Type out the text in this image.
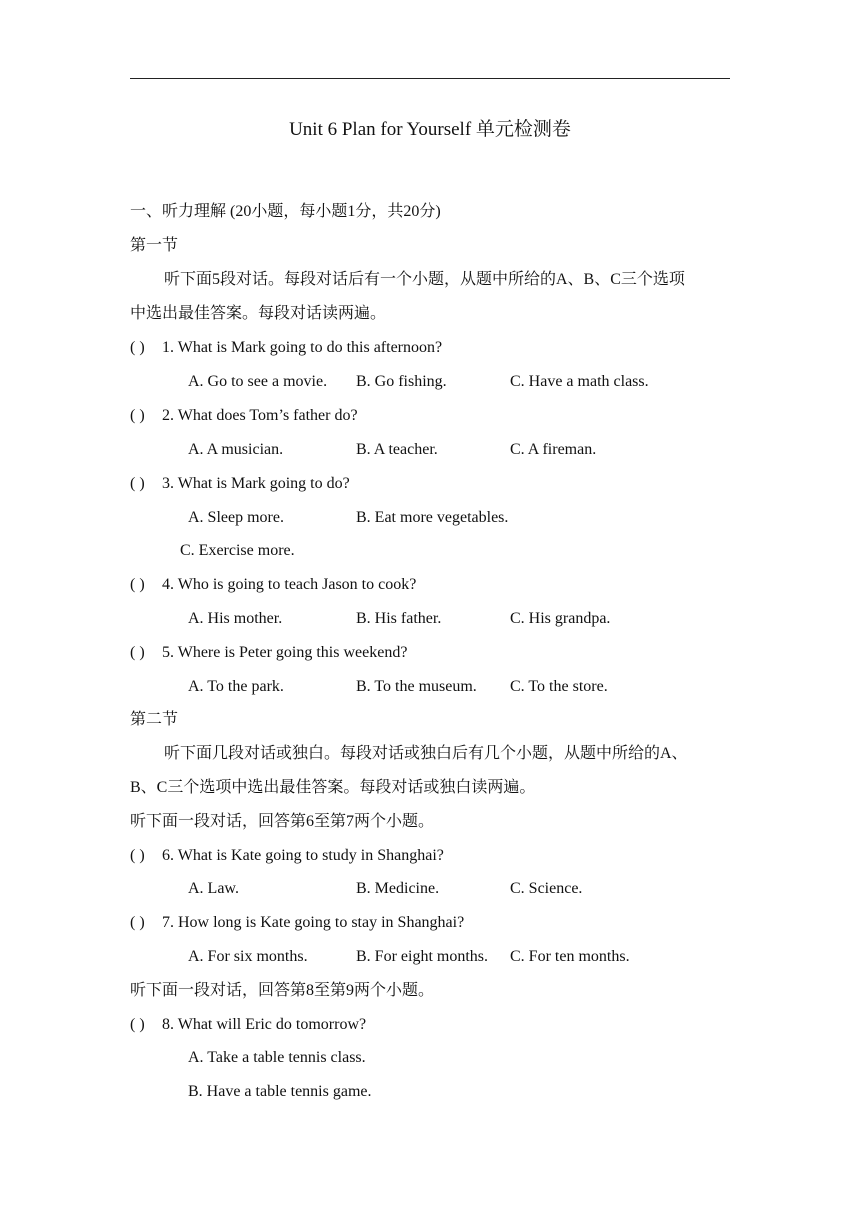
Unit 6 Plan for Yourself 单元检测卷
一、听力理解 (20小题，每小题1分，共20分)
第一节
听下面5段对话。每段对话后有一个小题，从题中所给的A、B、C三个选项
中选出最佳答案。每段对话读两遍。
( ) 1. What is Mark going to do this afternoon?
A. Go to see a movie. B. Go fishing.	C. Have a math class.
( ) 2. What does Tom’s father do?
A. A musician.	B. A teacher.	C. A fireman.
( ) 3. What is Mark going to do?
A. Sleep more.	B. Eat more vegetables.
C. Exercise more.
( ) 4. Who is going to teach Jason to cook?
A. His mother.	B. His father.	C. His grandpa.
( ) 5. Where is Peter going this weekend?
A. To the park.	B. To the museum. C. To the store.
第二节
听下面几段对话或独白。每段对话或独白后有几个小题，从题中所给的A、
B、C三个选项中选出最佳答案。每段对话或独白读两遍。
听下面一段对话，回答第6至第7两个小题。
( ) 6. What is Kate going to study in Shanghai?
A. Law.	B. Medicine.	C. Science.
( ) 7. How long is Kate going to stay in Shanghai?
A. For six months.	B. For eight months. C. For ten months.
听下面一段对话，回答第8至第9两个小题。
( ) 8. What will Eric do tomorrow?
A. Take a table tennis class.
B. Have a table tennis game.
